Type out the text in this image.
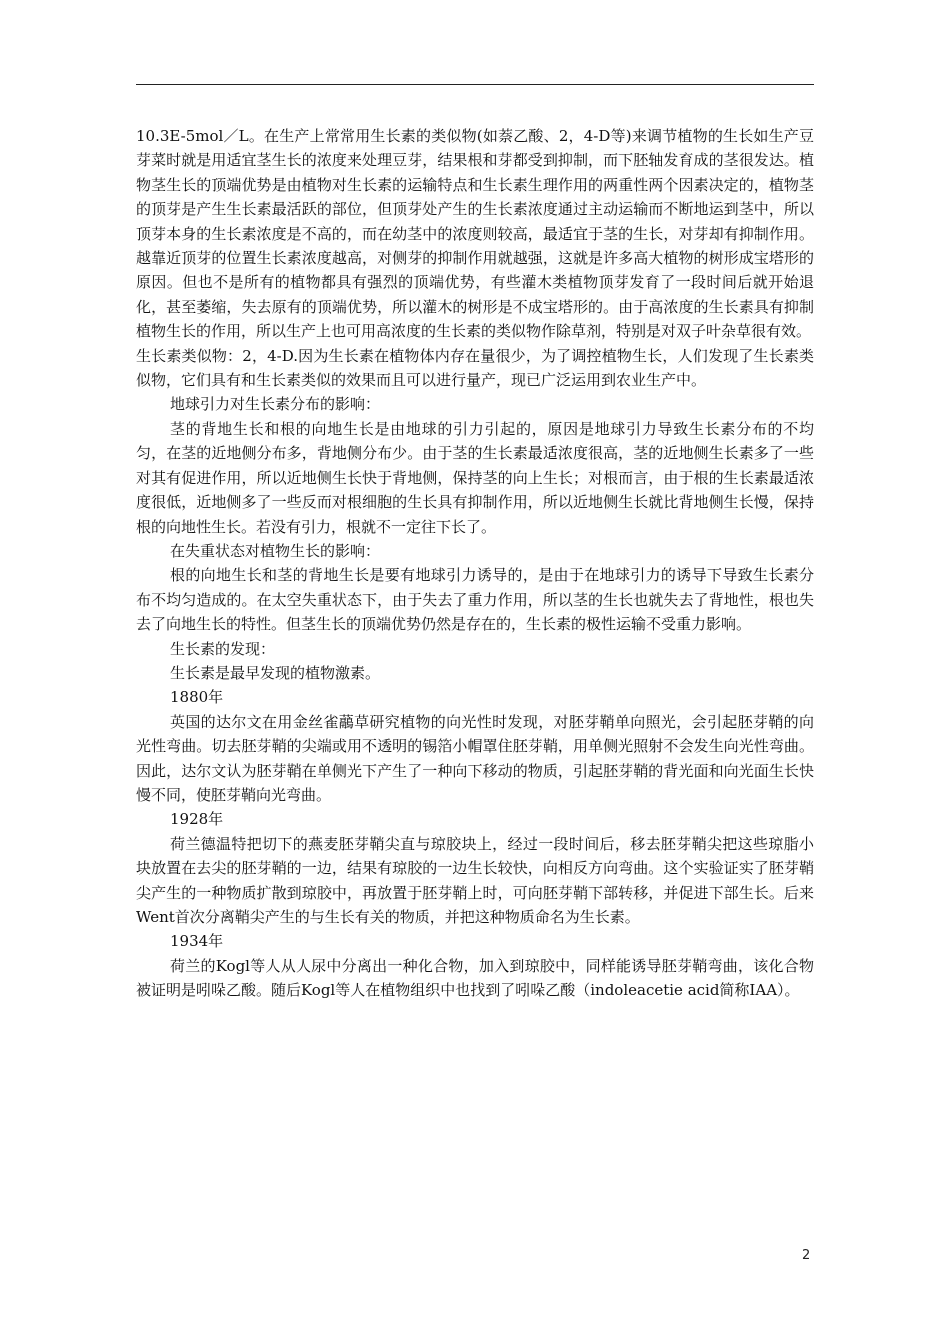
10.3E-5mol／L。在生产上常常用生长素的类似物(如萘乙酸、2，4-D等)来调节植物的生长如生产豆芽菜时就是用适宜茎生长的浓度来处理豆芽，结果根和芽都受到抑制，而下胚轴发育成的茎很发达。植物茎生长的顶端优势是由植物对生长素的运输特点和生长素生理作用的两重性两个因素决定的，植物茎的顶芽是产生生长素最活跃的部位，但顶芽处产生的生长素浓度通过主动运输而不断地运到茎中，所以顶芽本身的生长素浓度是不高的，而在幼茎中的浓度则较高，最适宜于茎的生长，对芽却有抑制作用。越靠近顶芽的位置生长素浓度越高，对侧芽的抑制作用就越强，这就是许多高大植物的树形成宝塔形的原因。但也不是所有的植物都具有强烈的顶端优势，有些灌木类植物顶芽发育了一段时间后就开始退化，甚至萎缩，失去原有的顶端优势，所以灌木的树形是不成宝塔形的。由于高浓度的生长素具有抑制植物生长的作用，所以生产上也可用高浓度的生长素的类似物作除草剂，特别是对双子叶杂草很有效。

生长素类似物：2，4-D.因为生长素在植物体内存在量很少，为了调控植物生长，人们发现了生长素类似物，它们具有和生长素类似的效果而且可以进行量产，现已广泛运用到农业生产中。

地球引力对生长素分布的影响：

茎的背地生长和根的向地生长是由地球的引力引起的，原因是地球引力导致生长素分布的不均匀，在茎的近地侧分布多，背地侧分布少。由于茎的生长素最适浓度很高，茎的近地侧生长素多了一些对其有促进作用，所以近地侧生长快于背地侧，保持茎的向上生长；对根而言，由于根的生长素最适浓度很低，近地侧多了一些反而对根细胞的生长具有抑制作用，所以近地侧生长就比背地侧生长慢，保持根的向地性生长。若没有引力，根就不一定往下长了。

在失重状态对植物生长的影响：

根的向地生长和茎的背地生长是要有地球引力诱导的，是由于在地球引力的诱导下导致生长素分布不均匀造成的。在太空失重状态下，由于失去了重力作用，所以茎的生长也就失去了背地性，根也失去了向地生长的特性。但茎生长的顶端优势仍然是存在的，生长素的极性运输不受重力影响。

生长素的发现：

生长素是最早发现的植物激素。

1880年

英国的达尔文在用金丝雀虉草研究植物的向光性时发现，对胚芽鞘单向照光，会引起胚芽鞘的向光性弯曲。切去胚芽鞘的尖端或用不透明的锡箔小帽罩住胚芽鞘，用单侧光照射不会发生向光性弯曲。因此，达尔文认为胚芽鞘在单侧光下产生了一种向下移动的物质，引起胚芽鞘的背光面和向光面生长快慢不同，使胚芽鞘向光弯曲。

1928年

荷兰德温特把切下的燕麦胚芽鞘尖直与琼胶块上，经过一段时间后，移去胚芽鞘尖把这些琼脂小块放置在去尖的胚芽鞘的一边，结果有琼胶的一边生长较快，向相反方向弯曲。这个实验证实了胚芽鞘尖产生的一种物质扩散到琼胶中，再放置于胚芽鞘上时，可向胚芽鞘下部转移，并促进下部生长。后来Went首次分离鞘尖产生的与生长有关的物质，并把这种物质命名为生长素。

1934年

荷兰的Kogl等人从人尿中分离出一种化合物，加入到琼胶中，同样能诱导胚芽鞘弯曲，该化合物被证明是吲哚乙酸。随后Kogl等人在植物组织中也找到了吲哚乙酸（indoleacetie acid简称IAA）。

2
